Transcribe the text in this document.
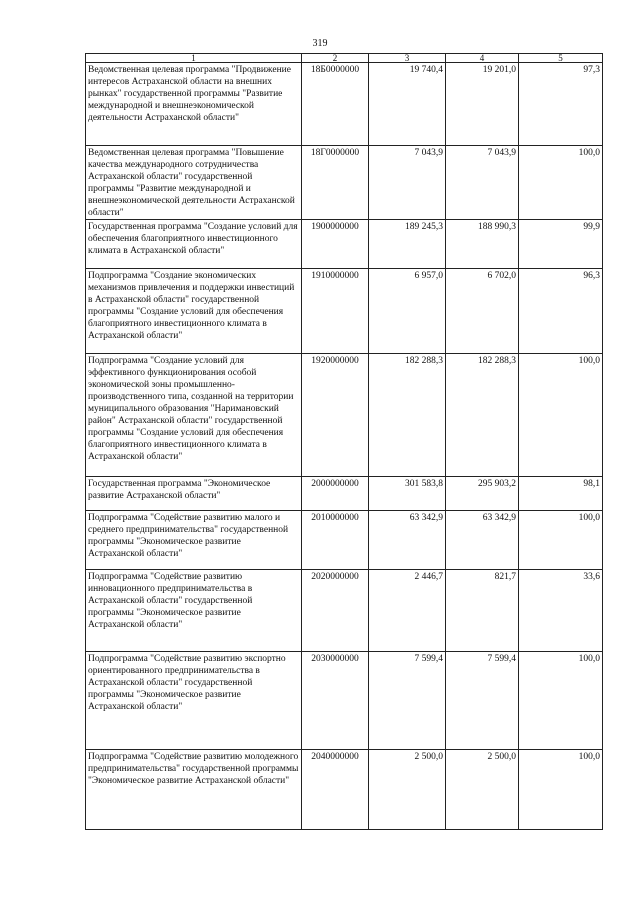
319
1	2	3	4	5
Ведомственная целевая программа "Продвижение интересов Астраханской области на внешних рынках" государственной программы "Развитие международной и внешнеэкономической деятельности Астраханской области"	18Б0000000	19 740,4	19 201,0	97,3
Ведомственная целевая программа "Повышение качества международного сотрудничества Астраханской области" государственной программы "Развитие международной и внешнеэкономической деятельности Астраханской области"	18Г0000000	7 043,9	7 043,9	100,0
Государственная программа "Создание условий для обеспечения благоприятного инвестиционного климата в Астраханской области"	1900000000	189 245,3	188 990,3	99,9
Подпрограмма "Создание экономических механизмов привлечения и поддержки инвестиций в Астраханской области" государственной программы "Создание условий для обеспечения благоприятного инвестиционного климата в Астраханской области"	1910000000	6 957,0	6 702,0	96,3
Подпрограмма "Создание условий для эффективного функционирования особой экономической зоны промышленно-производственного типа, созданной на территории муниципального образования "Наримановский район" Астраханской области" государственной программы "Создание условий для обеспечения благоприятного инвестиционного климата в Астраханской области"	1920000000	182 288,3	182 288,3	100,0
Государственная программа "Экономическое развитие Астраханской области"	2000000000	301 583,8	295 903,2	98,1
Подпрограмма "Содействие развитию малого и среднего предпринимательства" государственной программы "Экономическое развитие Астраханской области"	2010000000	63 342,9	63 342,9	100,0
Подпрограмма "Содействие развитию инновационного предпринимательства в Астраханской области" государственной программы "Экономическое развитие Астраханской области"	2020000000	2 446,7	821,7	33,6
Подпрограмма "Содействие развитию экспортно ориентированного предпринимательства в Астраханской области" государственной программы "Экономическое развитие Астраханской области"	2030000000	7 599,4	7 599,4	100,0
Подпрограмма "Содействие развитию молодежного предпринимательства" государственной программы "Экономическое развитие Астраханской области"	2040000000	2 500,0	2 500,0	100,0
